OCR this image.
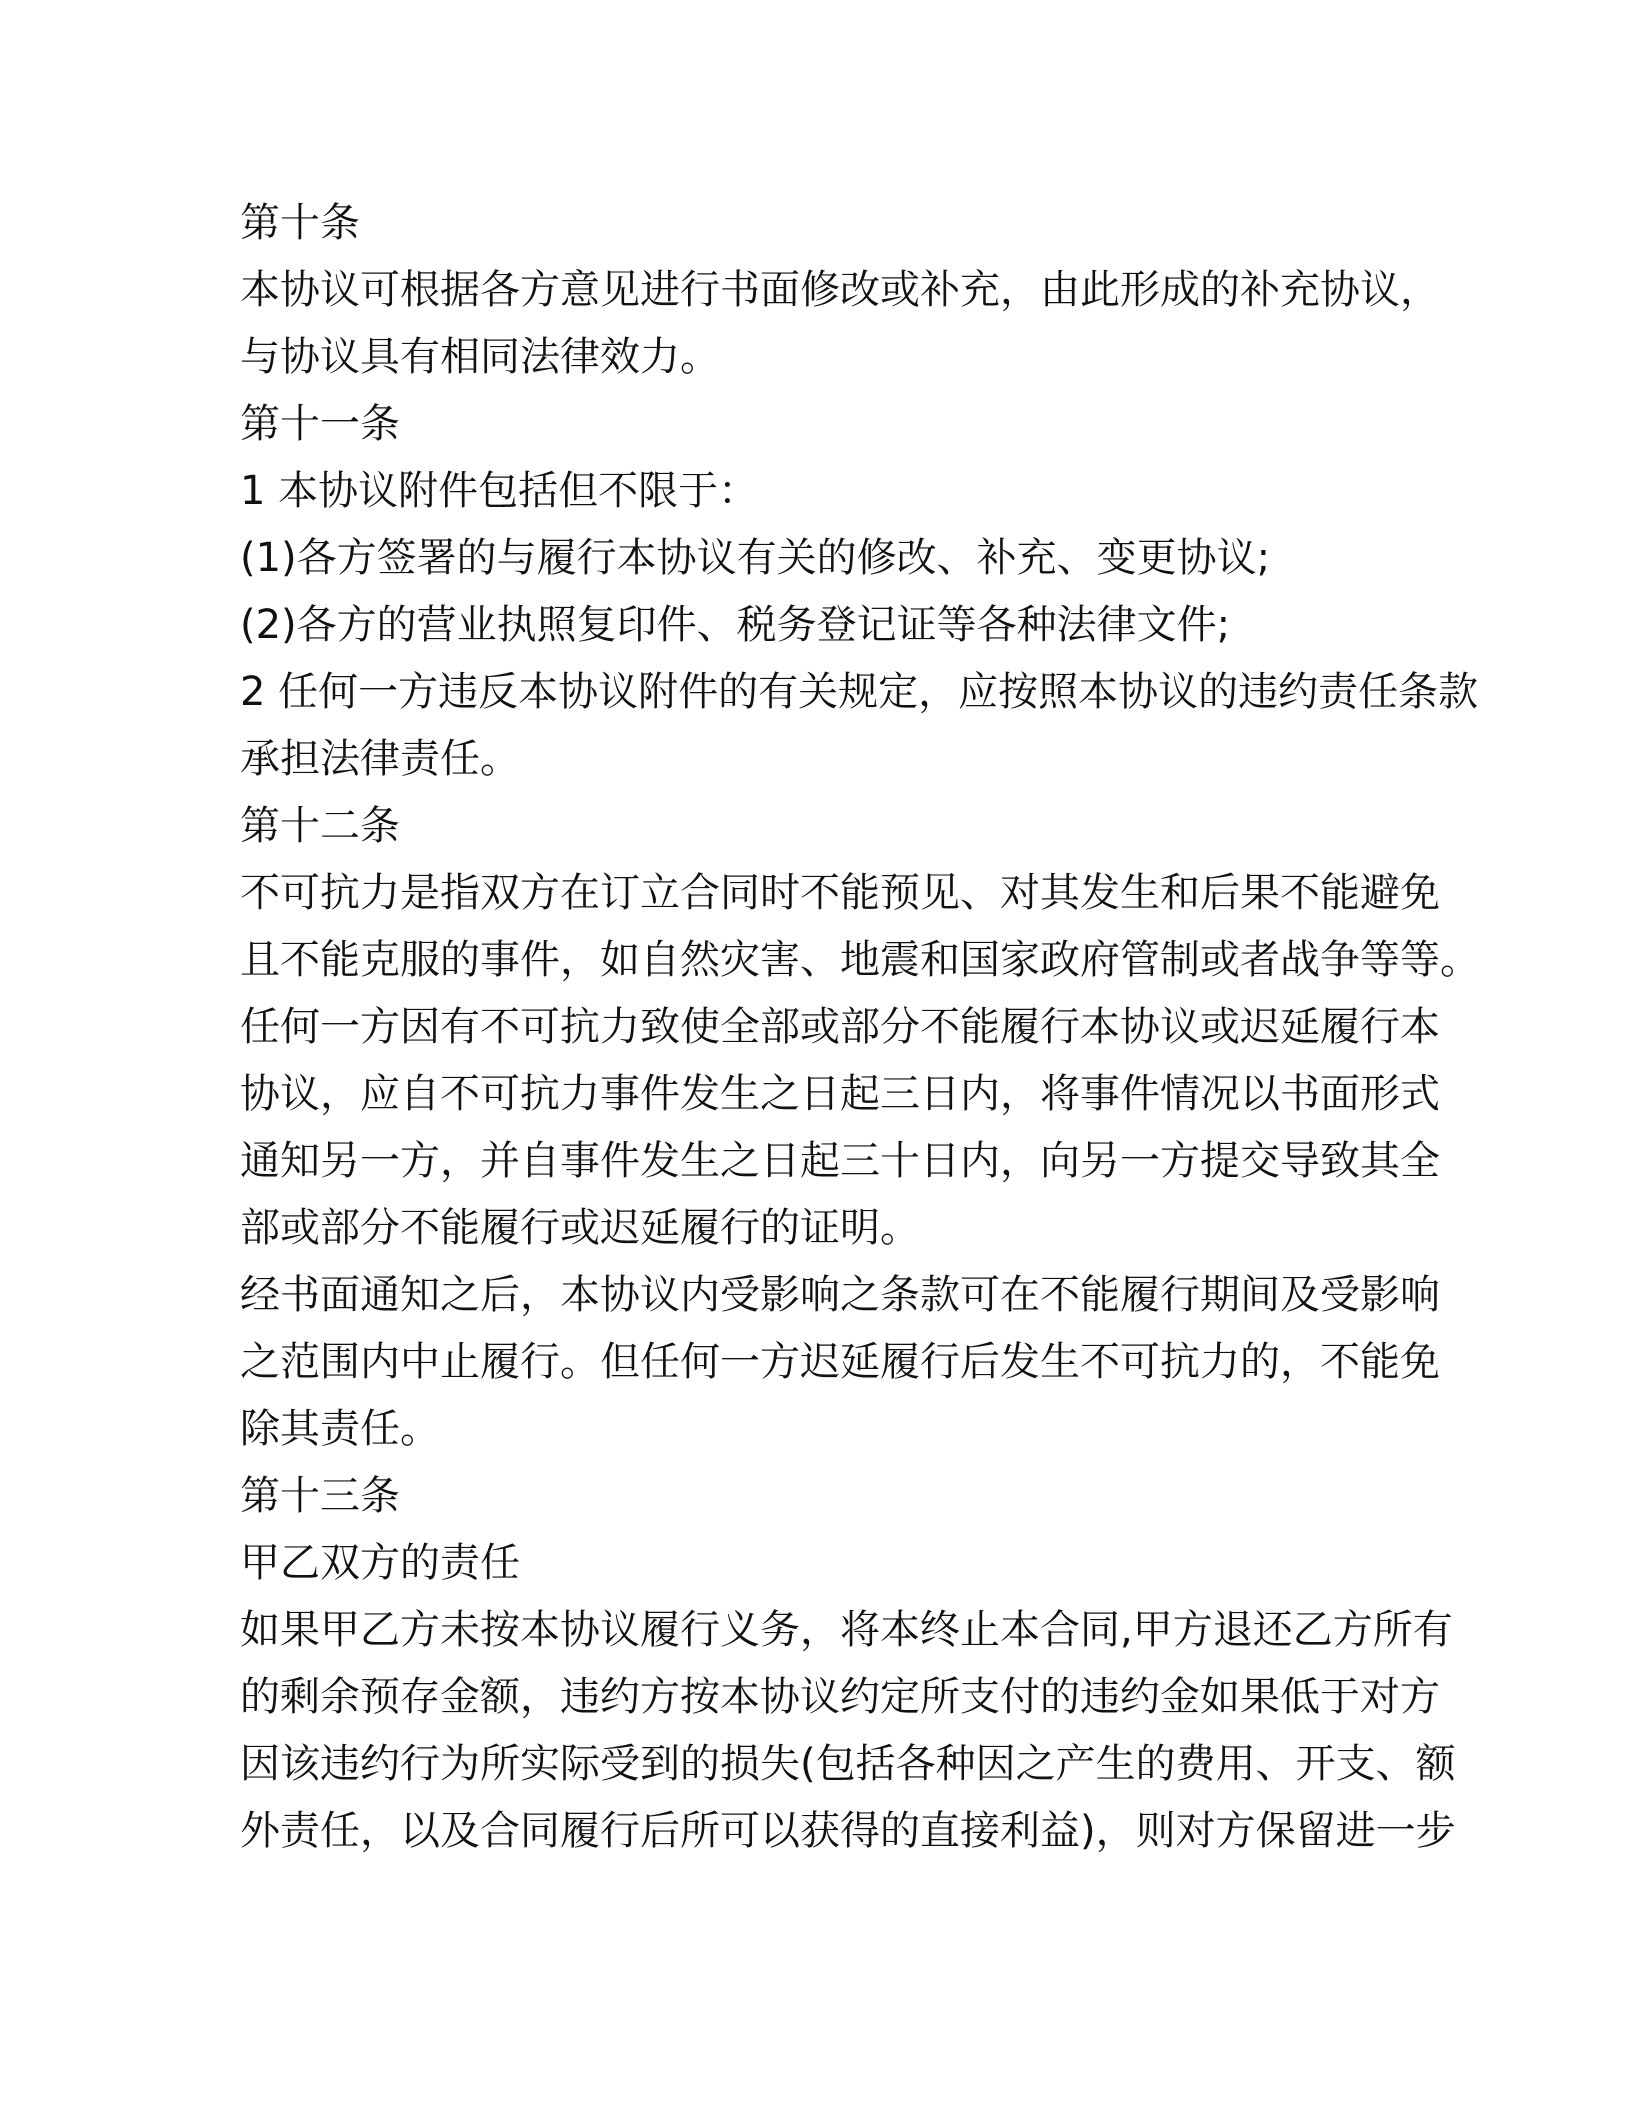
第十条
本协议可根据各方意见进行书面修改或补充，由此形成的补充协议，
与协议具有相同法律效力。
第十一条
1 本协议附件包括但不限于：
(1)各方签署的与履行本协议有关的修改、补充、变更协议;
(2)各方的营业执照复印件、税务登记证等各种法律文件;
2 任何一方违反本协议附件的有关规定，应按照本协议的违约责任条款
承担法律责任。
第十二条
不可抗力是指双方在订立合同时不能预见、对其发生和后果不能避免
且不能克服的事件，如自然灾害、地震和国家政府管制或者战争等等。
任何一方因有不可抗力致使全部或部分不能履行本协议或迟延履行本
协议，应自不可抗力事件发生之日起三日内，将事件情况以书面形式
通知另一方，并自事件发生之日起三十日内，向另一方提交导致其全
部或部分不能履行或迟延履行的证明。
经书面通知之后，本协议内受影响之条款可在不能履行期间及受影响
之范围内中止履行。但任何一方迟延履行后发生不可抗力的，不能免
除其责任。
第十三条
甲乙双方的责任
如果甲乙方未按本协议履行义务，将本终止本合同,甲方退还乙方所有
的剩余预存金额，违约方按本协议约定所支付的违约金如果低于对方
因该违约行为所实际受到的损失(包括各种因之产生的费用、开支、额
外责任，以及合同履行后所可以获得的直接利益)，则对方保留进一步
